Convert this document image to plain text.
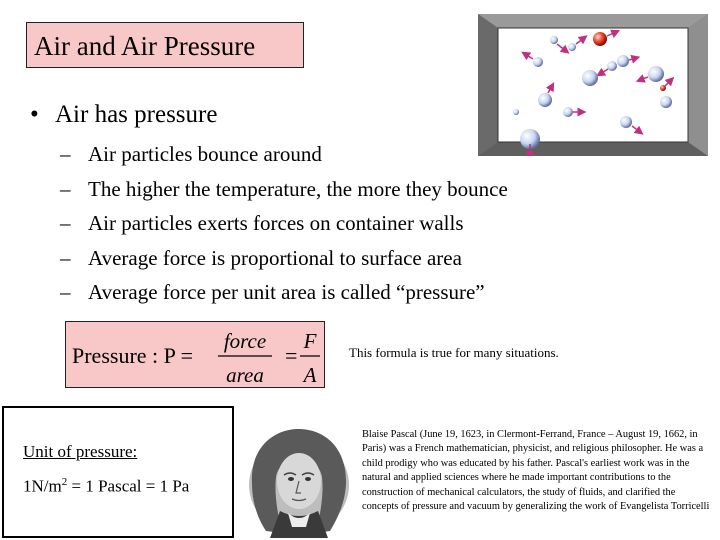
Air and Air Pressure
• Air has pressure
– Air particles bounce around
– The higher the temperature, the more they bounce
– Air particles exerts forces on container walls
– Average force is proportional to surface area
– Average force per unit area is called “pressure”
Pressure : P =
force
area
=
F
A
This formula is true for many situations.
Unit of pressure:
$1N/m^2 = 1$ Pascal = 1 Pa
Blaise Pascal (June 19, 1623, in Clermont-Ferrand, France – August 19, 1662, in Paris) was a French mathematician, physicist, and religious philosopher. He was a child prodigy who was educated by his father. Pascal's earliest work was in the natural and applied sciences where he made important contributions to the construction of mechanical calculators, the study of fluids, and clarified the concepts of pressure and vacuum by generalizing the work of Evangelista Torricelli
